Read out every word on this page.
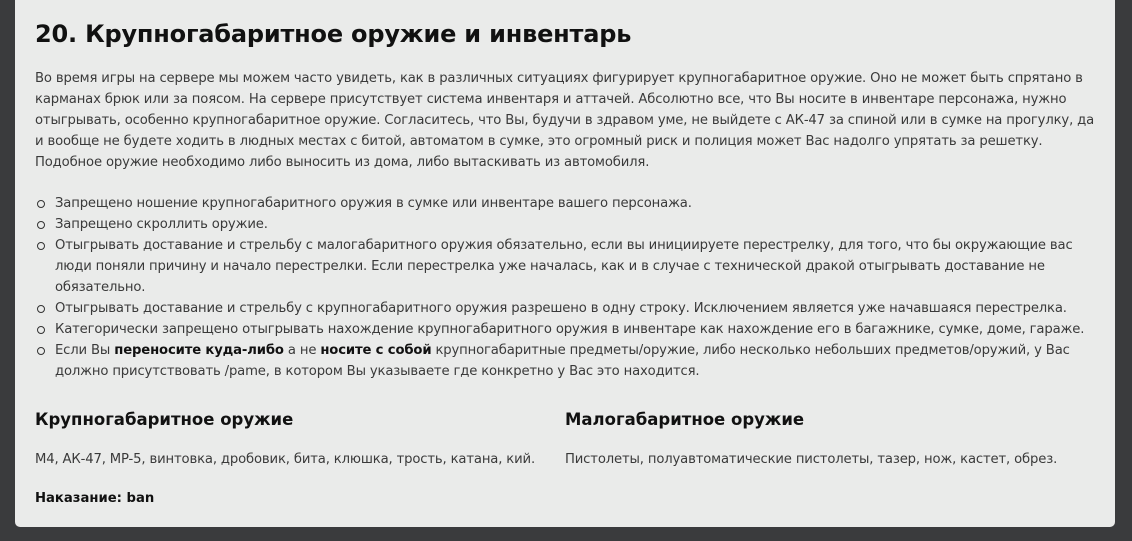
20. Крупногабаритное оружие и инвентарь

Во время игры на сервере мы можем часто увидеть, как в различных ситуациях фигурирует крупногабаритное оружие. Оно не может быть спрятано в карманах брюк или за поясом. На сервере присутствует система инвентаря и аттачей. Абсолютно все, что Вы носите в инвентаре персонажа, нужно отыгрывать, особенно крупногабаритное оружие. Согласитесь, что Вы, будучи в здравом уме, не выйдете с АК-47 за спиной или в сумке на прогулку, да и вообще не будете ходить в людных местах с битой, автоматом в сумке, это огромный риск и полиция может Вас надолго упрятать за решетку. Подобное оружие необходимо либо выносить из дома, либо вытаскивать из автомобиля.

Запрещено ношение крупногабаритного оружия в сумке или инвентаре вашего персонажа.
Запрещено скроллить оружие.
Отыгрывать доставание и стрельбу с малогабаритного оружия обязательно, если вы инициируете перестрелку, для того, что бы окружающие вас люди поняли причину и начало перестрелки. Если перестрелка уже началась, как и в случае с технической дракой отыгрывать доставание не обязательно.
Отыгрывать доставание и стрельбу с крупногабаритного оружия разрешено в одну строку. Исключением является уже начавшаяся перестрелка.
Категорически запрещено отыгрывать нахождение крупногабаритного оружия в инвентаре как нахождение его в багажнике, сумке, доме, гараже.
Если Вы переносите куда-либо а не носите с собой крупногабаритные предметы/оружие, либо несколько небольших предметов/оружий, у Вас должно присутствовать /pame, в котором Вы указываете где конкретно у Вас это находится.
Крупногабаритное оружие

M4, АК-47, MP-5, винтовка, дробовик, бита, клюшка, трость, катана, кий.

Наказание: ban
Малогабаритное оружие

Пистолеты, полуавтоматические пистолеты, тазер, нож, кастет, обрез.
